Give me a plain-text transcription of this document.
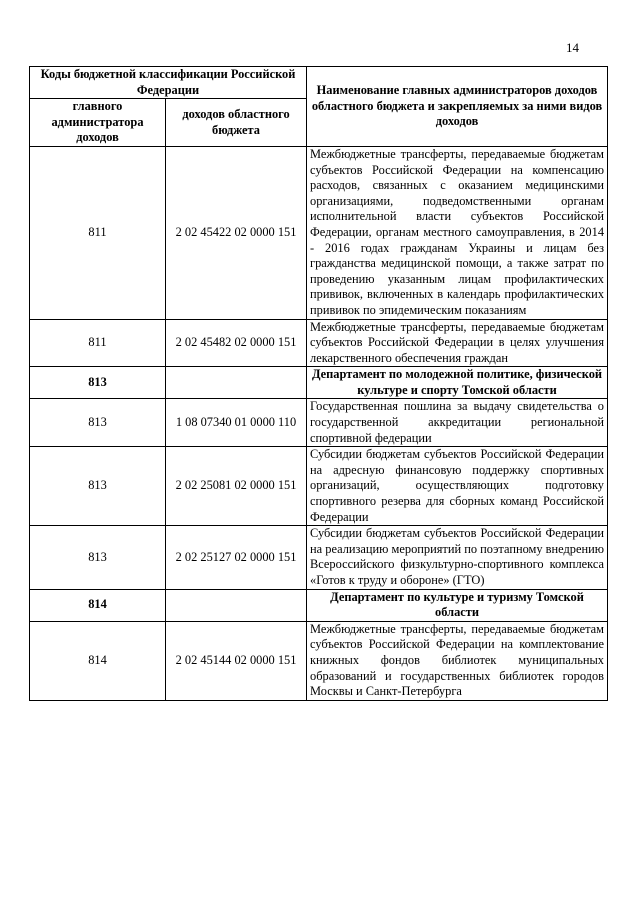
14
Коды бюджетной классификации Российской Федерации		Наименование главных администраторов доходов областного бюджета и закрепляемых за ними видов доходов
главного администратора доходов	доходов областного бюджета	
811	2 02 45422 02 0000 151	Межбюджетные трансферты, передаваемые бюджетам субъектов Российской Федерации на компенсацию расходов, связанных с оказанием медицинскими организациями, подведомственными органам исполнительной власти субъектов Российской Федерации, органам местного самоуправления, в 2014 - 2016 годах гражданам Украины и лицам без гражданства медицинской помощи, а также затрат по проведению указанным лицам профилактических прививок, включенных в календарь профилактических прививок по эпидемическим показаниям
811	2 02 45482 02 0000 151	Межбюджетные трансферты, передаваемые бюджетам субъектов Российской Федерации в целях улучшения лекарственного обеспечения граждан
813		Департамент по молодежной политике, физической культуре и спорту Томской области
813	1 08 07340 01 0000 110	Государственная пошлина за выдачу свидетельства о государственной аккредитации региональной спортивной федерации
813	2 02 25081 02 0000 151	Субсидии бюджетам субъектов Российской Федерации на адресную финансовую поддержку спортивных организаций, осуществляющих подготовку спортивного резерва для сборных команд Российской Федерации
813	2 02 25127 02 0000 151	Субсидии бюджетам субъектов Российской Федерации на реализацию мероприятий по поэтапному внедрению Всероссийского физкультурно-спортивного комплекса «Готов к труду и обороне» (ГТО)
814		Департамент по культуре и туризму Томской области
814	2 02 45144 02 0000 151	Межбюджетные трансферты, передаваемые бюджетам субъектов Российской Федерации на комплектование книжных фондов библиотек муниципальных образований и государственных библиотек городов Москвы и Санкт-Петербурга
